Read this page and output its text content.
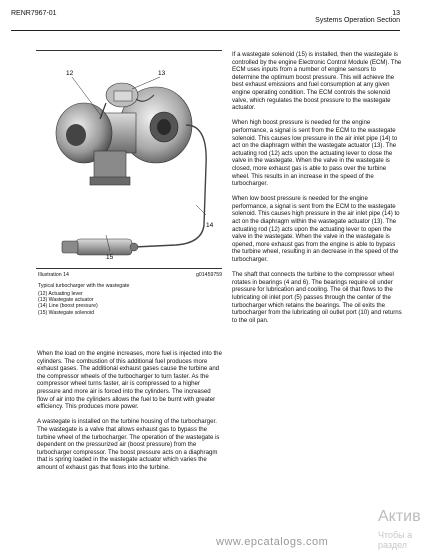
RENR7967-01	13
Systems Operation Section
12	13
14
15
Illustration 14	g01459759
Typical turbocharger with the wastegate
(12) Actuating lever
(13) Wastegate actuator
(14) Line (boost pressure)
(15) Wastegate solenoid

When the load on the engine increases, more fuel is injected into the cylinders. The combustion of this additional fuel produces more exhaust gases. The additional exhaust gases cause the turbine and the compressor wheels of the turbocharger to turn faster. As the compressor wheel turns faster, air is compressed to a higher pressure and more air is forced into the cylinders. The increased flow of air into the cylinders allows the fuel to be burnt with greater efficiency. This produces more power.

A wastegate is installed on the turbine housing of the turbocharger. The wastegate is a valve that allows exhaust gas to bypass the turbine wheel of the turbocharger. The operation of the wastegate is dependent on the pressurized air (boost pressure) from the turbocharger compressor. The boost pressure acts on a diaphragm that is spring loaded in the wastegate actuator which varies the amount of exhaust gas that flows into the turbine.

If a wastegate solenoid (15) is installed, then the wastegate is controlled by the engine Electronic Control Module (ECM). The ECM uses inputs from a number of engine sensors to determine the optimum boost pressure. This will achieve the best exhaust emissions and fuel consumption at any given engine operating condition. The ECM controls the solenoid valve, which regulates the boost pressure to the wastegate actuator.

When high boost pressure is needed for the engine performance, a signal is sent from the ECM to the wastegate solenoid. This causes low pressure in the air inlet pipe (14) to act on the diaphragm within the wastegate actuator (13). The actuating rod (12) acts upon the actuating lever to close the valve in the wastegate. When the valve in the wastegate is closed, more exhaust gas is able to pass over the turbine wheel. This results in an increase in the speed of the turbocharger.

When low boost pressure is needed for the engine performance, a signal is sent from the ECM to the wastegate solenoid. This causes high pressure in the air inlet pipe (14) to act on the diaphragm within the wastegate actuator (13). The actuating rod (12) acts upon the actuating lever to open the valve in the wastegate. When the valve in the wastegate is opened, more exhaust gas from the engine is able to bypass the turbine wheel, resulting in an decrease in the speed of the turbocharger.

The shaft that connects the turbine to the compressor wheel rotates in bearings (4 and 6). The bearings require oil under pressure for lubrication and cooling. The oil that flows to the lubricating oil inlet port (5) passes through the center of the turbocharger which retains the bearings. The oil exits the turbocharger from the lubricating oil outlet port (10) and returns to the oil pan.

Актив
Чтобы а
раздел
www.epcatalogs.com
